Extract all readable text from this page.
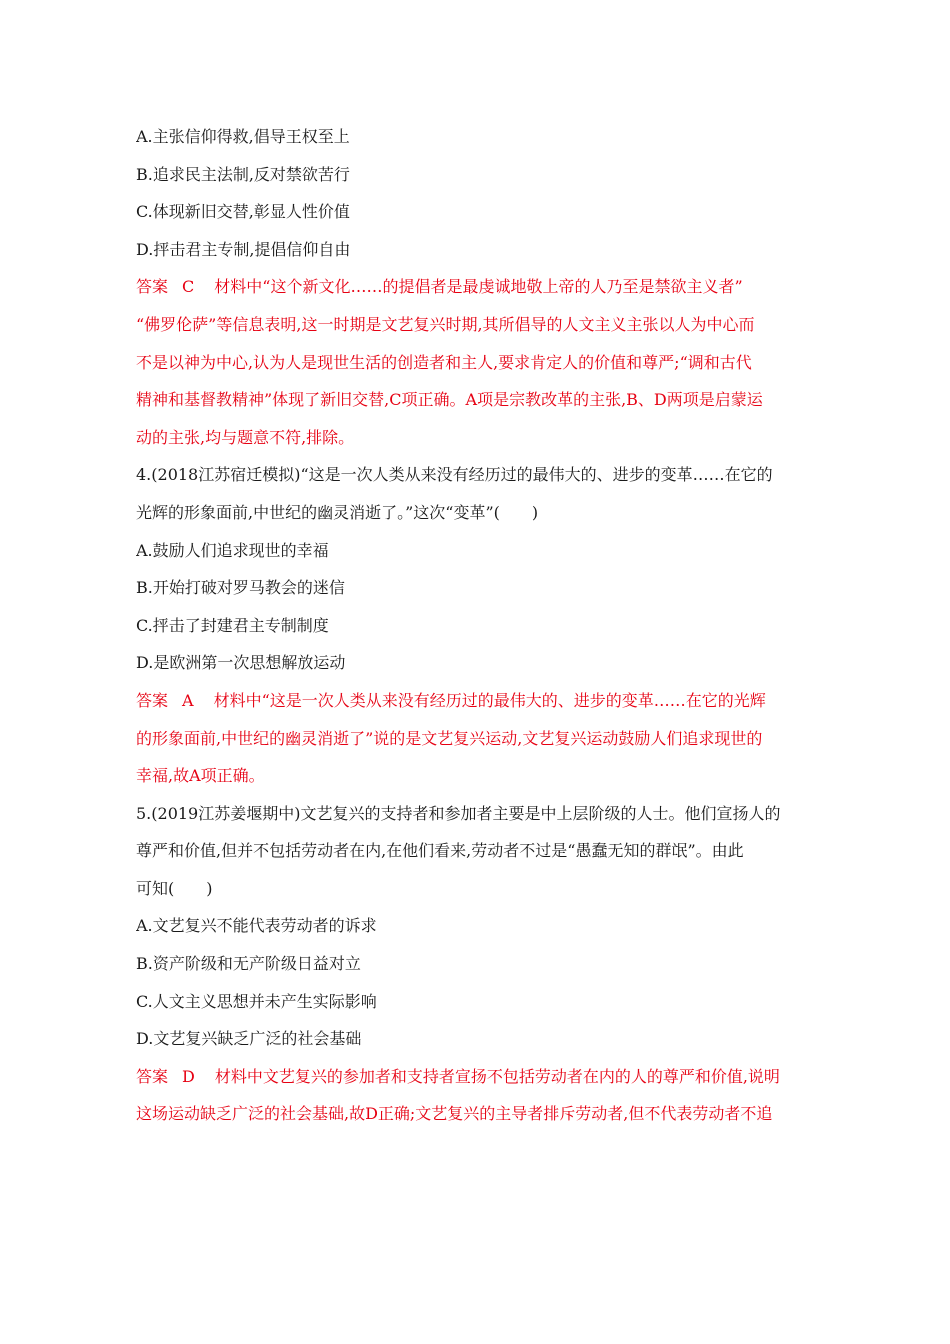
A.主张信仰得救,倡导王权至上
B.追求民主法制,反对禁欲苦行
C.体现新旧交替,彰显人性价值
D.抨击君主专制,提倡信仰自由
答案 C 材料中“这个新文化……的提倡者是最虔诚地敬上帝的人乃至是禁欲主义者”
“佛罗伦萨”等信息表明,这一时期是文艺复兴时期,其所倡导的人文主义主张以人为中心而
不是以神为中心,认为人是现世生活的创造者和主人,要求肯定人的价值和尊严;“调和古代
精神和基督教精神”体现了新旧交替,C项正确。A项是宗教改革的主张,B、D两项是启蒙运
动的主张,均与题意不符,排除。
4.(2018江苏宿迁模拟)“这是一次人类从来没有经历过的最伟大的、进步的变革……在它的
光辉的形象面前,中世纪的幽灵消逝了。”这次“变革”(　　)
A.鼓励人们追求现世的幸福
B.开始打破对罗马教会的迷信
C.抨击了封建君主专制制度
D.是欧洲第一次思想解放运动
答案 A 材料中“这是一次人类从来没有经历过的最伟大的、进步的变革……在它的光辉
的形象面前,中世纪的幽灵消逝了”说的是文艺复兴运动,文艺复兴运动鼓励人们追求现世的
幸福,故A项正确。
5.(2019江苏姜堰期中)文艺复兴的支持者和参加者主要是中上层阶级的人士。他们宣扬人的
尊严和价值,但并不包括劳动者在内,在他们看来,劳动者不过是“愚蠢无知的群氓”。由此
可知(　　)
A.文艺复兴不能代表劳动者的诉求
B.资产阶级和无产阶级日益对立
C.人文主义思想并未产生实际影响
D.文艺复兴缺乏广泛的社会基础
答案 D 材料中文艺复兴的参加者和支持者宣扬不包括劳动者在内的人的尊严和价值,说明
这场运动缺乏广泛的社会基础,故D正确;文艺复兴的主导者排斥劳动者,但不代表劳动者不追
